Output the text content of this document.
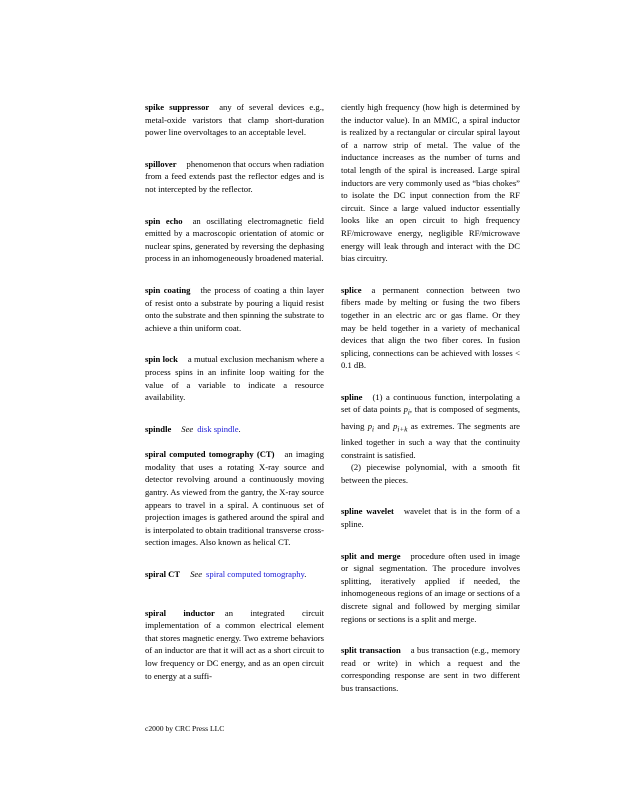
spike suppressor any of several devices e.g., metal-oxide varistors that clamp short-duration power line overvoltages to an acceptable level.

spillover phenomenon that occurs when radiation from a feed extends past the reflector edges and is not intercepted by the reflector.

spin echo an oscillating electromagnetic field emitted by a macroscopic orientation of atomic or nuclear spins, generated by reversing the dephasing process in an inhomogeneously broadened material.

spin coating the process of coating a thin layer of resist onto a substrate by pouring a liquid resist onto the substrate and then spinning the substrate to achieve a thin uniform coat.

spin lock a mutual exclusion mechanism where a process spins in an infinite loop waiting for the value of a variable to indicate a resource availability.

spindle See disk spindle.

spiral computed tomography (CT) an imaging modality that uses a rotating X-ray source and detector revolving around a continuously moving gantry. As viewed from the gantry, the X-ray source appears to travel in a spiral. A continuous set of projection images is gathered around the spiral and is interpolated to obtain traditional transverse cross-section images. Also known as helical CT.

spiral CT See spiral computed tomography.

spiral inductor an integrated circuit implementation of a common electrical element that stores magnetic energy. Two extreme behaviors of an inductor are that it will act as a short circuit to low frequency or DC energy, and as an open circuit to energy at a suffi-

ciently high frequency (how high is determined by the inductor value). In an MMIC, a spiral inductor is realized by a rectangular or circular spiral layout of a narrow strip of metal. The value of the inductance increases as the number of turns and total length of the spiral is increased. Large spiral inductors are very commonly used as “bias chokes” to isolate the DC input connection from the RF circuit. Since a large valued inductor essentially looks like an open circuit to high frequency RF/microwave energy, negligible RF/microwave energy will leak through and interact with the DC bias circuitry.

splice a permanent connection between two fibers made by melting or fusing the two fibers together in an electric arc or gas flame. Or they may be held together in a variety of mechanical devices that align the two fiber cores. In fusion splicing, connections can be achieved with losses < 0.1 dB.

spline (1) a continuous function, interpolating a set of data points $p_i$, that is composed of segments, having $p_i$ and $p_{i+k}$ as extremes. The segments are linked together in such a way that the continuity constraint is satisfied.

(2) piecewise polynomial, with a smooth fit between the pieces.

spline wavelet wavelet that is in the form of a spline.

split and merge procedure often used in image or signal segmentation. The procedure involves splitting, iteratively applied if needed, the inhomogeneous regions of an image or sections of a discrete signal and followed by merging similar regions or sections is a split and merge.

split transaction a bus transaction (e.g., memory read or write) in which a request and the corresponding response are sent in two different bus transactions.

c2000 by CRC Press LLC
